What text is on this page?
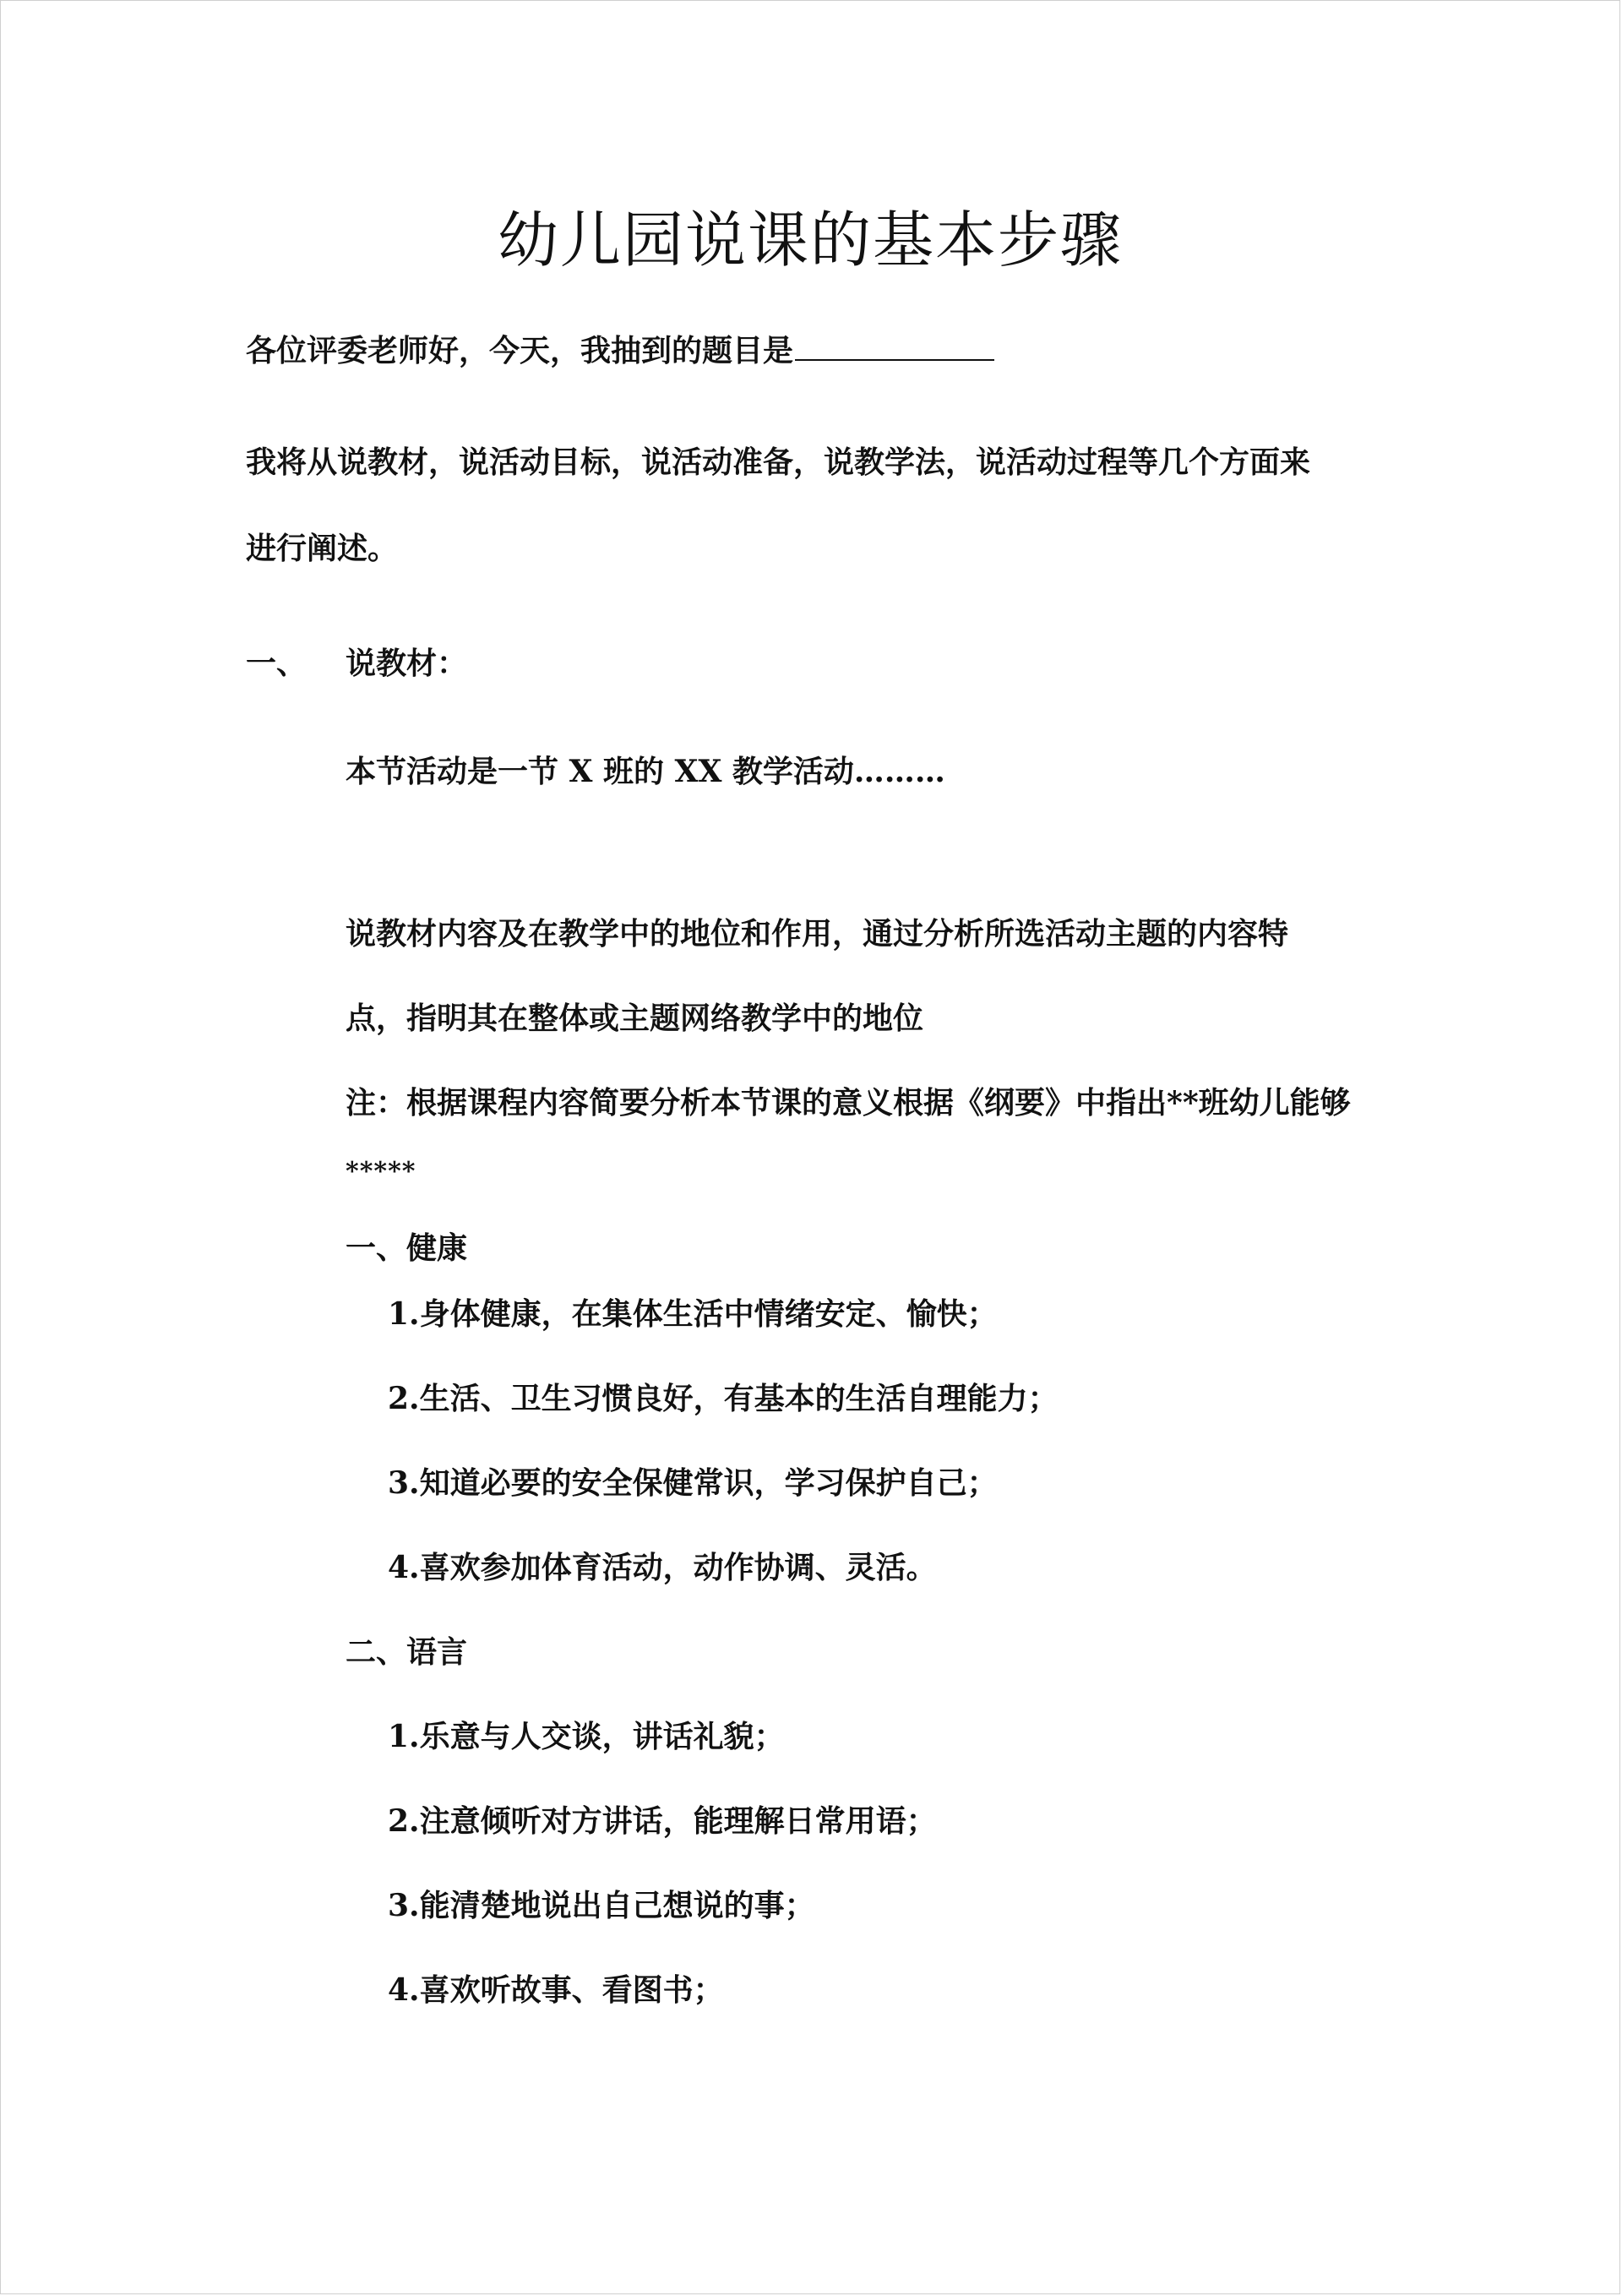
幼儿园说课的基本步骤
各位评委老师好，今天，我抽到的题目是
我将从说教材，说活动目标，说活动准备，说教学法，说活动过程等几个方面来
进行阐述。
一、 说教材：
本节活动是一节 X 班的 XX 教学活动………
说教材内容及在教学中的地位和作用，通过分析所选活动主题的内容特
点，指明其在整体或主题网络教学中的地位
注：根据课程内容简要分析本节课的意义根据《纲要》中指出**班幼儿能够
*****
一、健康
1.身体健康，在集体生活中情绪安定、愉快；
2.生活、卫生习惯良好，有基本的生活自理能力；
3.知道必要的安全保健常识，学习保护自己；
4.喜欢参加体育活动，动作协调、灵活。
二、语言
1.乐意与人交谈，讲话礼貌；
2.注意倾听对方讲话，能理解日常用语；
3.能清楚地说出自己想说的事；
4.喜欢听故事、看图书；
